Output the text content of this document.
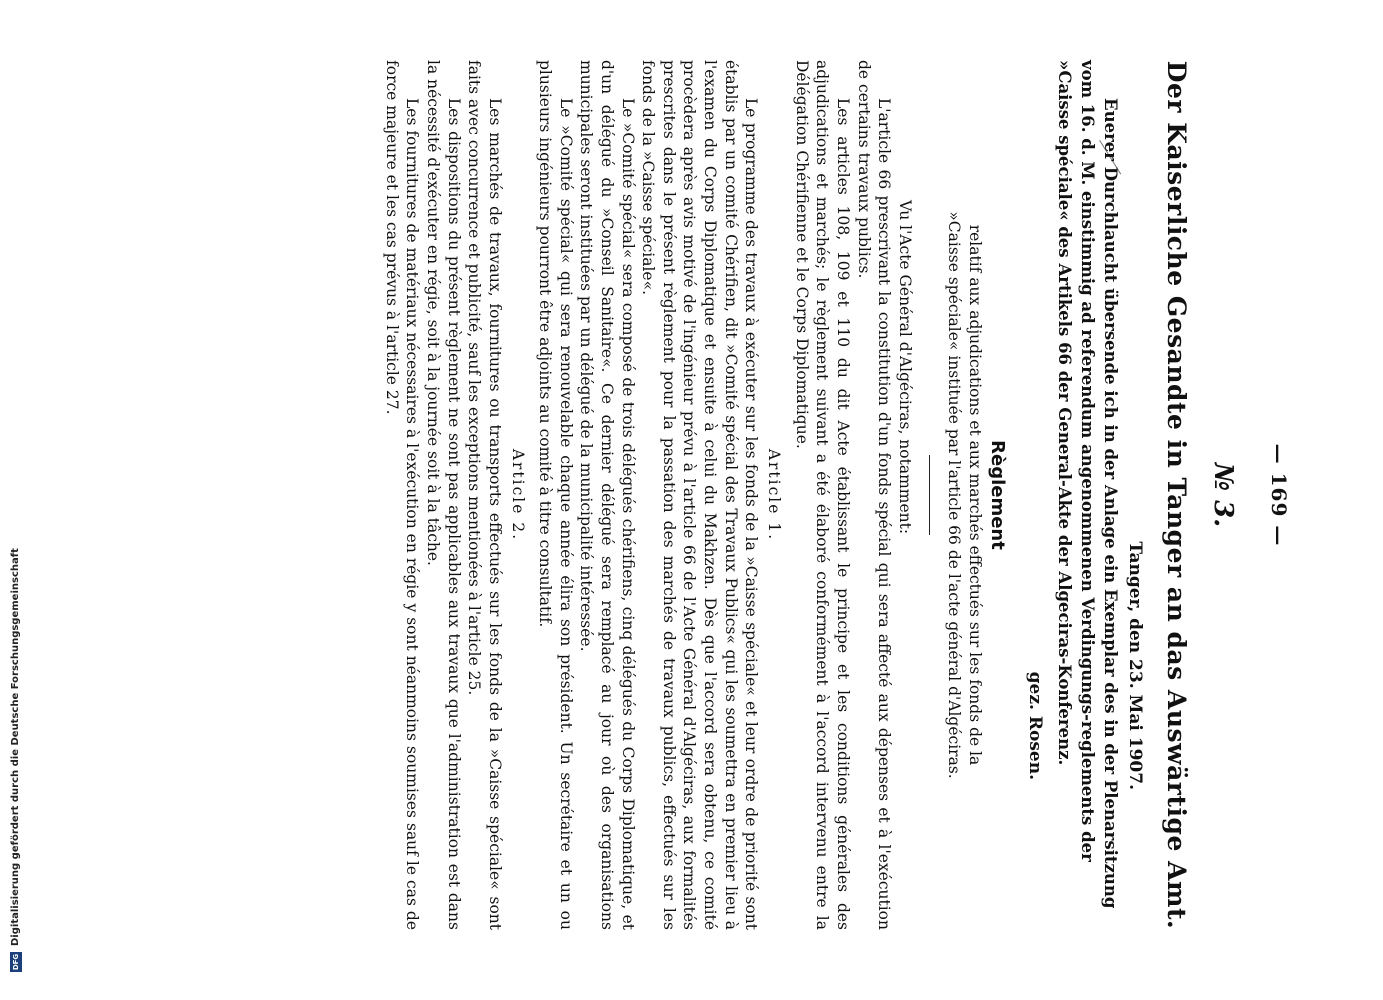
DFG
Digitalisierung gefördert durch die Deutsche Forschungsgemeinschaft
— 169 —
№ 3.
Der Kaiserliche Gesandte in Tanger an das Auswärtige Amt.
Tanger, den 23. Mai 1907.

Euerer Durchlaucht übersende ich in der Anlage ein Exemplar des in der Plenarsitzung vom 16. d. M. einstimmig ad referendum angenommenen Verdingungs-reglements der »Caisse spéciale« des Artikels 66 der General-Akte der Algeciras-Konferenz.

gez. Rosen.
Règlement

relatif aux adjudications et aux marchés effectués sur les fonds de la

»Caisse spéciale« instituée par l'article 66 de l'acte général d'Algéciras.

Vu l'Acte Général d'Algéciras, notamment:

L'article 66 prescrivant la constitution d'un fonds spécial qui sera affecté aux dépenses et à l'exécution de certains travaux publics.

Les articles 108, 109 et 110 du dit Acte établissant le principe et les conditions générales des adjudications et marchés; le règlement suivant a été élaboré conformément à l'accord intervenu entre la Délégation Chérifienne et le Corps Diplomatique.

Article 1.

Le programme des travaux à exécuter sur les fonds de la »Caisse spéciale« et leur ordre de priorité sont établis par un comité Chérifien, dit »Comité spécial des Travaux Publics« qui les soumettra en premier lieu à l'examen du Corps Diplomatique et ensuite à celui du Makhzen. Dès que l'accord sera obtenu, ce comité procèdera après avis motivé de l'ingénieur prévu à l'article 66 de l'Acte Général d'Algéciras, aux formalités prescrites dans le présent règlement pour la passation des marchés de travaux publics, effectués sur les fonds de la »Caisse spéciale«.

Le »Comité spécial« sera composé de trois délégués chérifiens, cinq délégués du Corps Diplomatique, et d'un délégué du »Conseil Sanitaire«. Ce dernier délégué sera remplacé au jour où des organisations municipales seront instituées par un délégué de la municipalité intéressée.

Le »Comité spécial« qui sera renouvelable chaque année élira son président. Un secrétaire et un ou plusieurs ingénieurs pourront être adjoints au comité à titre consultatif.

Article 2.

Les marchés de travaux, fournitures ou transports effectués sur les fonds de la »Caisse spéciale« sont faits avec concurrence et publicité, sauf les exceptions mentionées à l'article 25.

Les dispositions du présent règlement ne sont pas applicables aux travaux que l'administration est dans la nécessité d'exécuter en régie, soit à la journée soit à la tâche.

Les fournitures de matériaux nécessaires à l'exécution en régie y sont néanmoins soumises sauf le cas de force majeure et les cas prévus à l'article 27.
